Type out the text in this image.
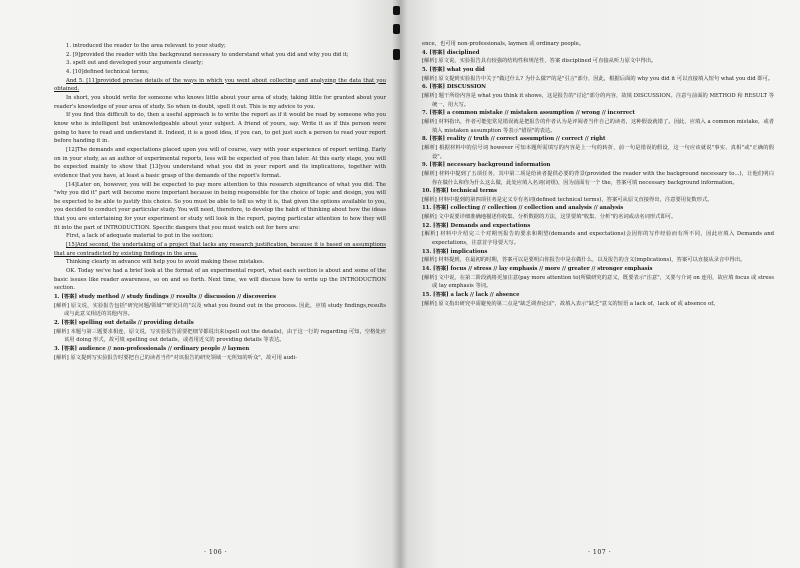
1. introduced the reader to the area relevant to your study;

2. [9]provided the reader with the background necessary to understand what you did and why you did it;

3. spelt out and developed your arguments clearly;

4. [10]defined technical terms;

And 5. [11]provided precise details of the ways in which you went about collecting and analyzing the data that you obtained.

In short, you should write for someone who knows little about your area of study, taking little for granted about your reader's knowledge of your area of study. So when in doubt, spell it out. This is my advice to you.

If you find this difficult to do, then a useful approach is to write the report as if it would be read by someone who you know who is intelligent but unknowledgeable about your subject. A friend of yours, say. Write it as if this person were going to have to read and understand it. Indeed, it is a good idea, if you can, to get just such a person to read your report before handing it in.

[12]The demands and expectations placed upon you will of course, vary with your experience of report writing. Early on in your study, as an author of experimental reports, less will be expected of you than later. At this early stage, you will be expected mainly to show that [13]you understand what you did in your report and its implications, together with evidence that you have, at least a basic grasp of the demands of the report's format.

[14]Later on, however, you will be expected to pay more attention to this research significance of what you did. The "why you did it" part will become more important because in being responsible for the choice of topic and design, you will be expected to be able to justify this choice. So you must be able to tell us why it is, that given the options available to you, you decided to conduct your particular study. You will need, therefore, to develop the habit of thinking about how the ideas that you are entertaining for your experiment or study will look in the report, paying particular attention to how they will fit into the part of INTRODUCTION. Specific dangers that you must watch out for here are:

First, a lack of adequate material to put in the section;

[15]And second, the undertaking of a project that lacks any research justification, because it is based on assumptions that are contradicted by existing findings in the area.

Thinking clearly in advance will help you to avoid making these mistakes.

OK. Today we've had a brief look at the format of an experimental report, what each section is about and some of the basic issues like reader awareness, so on and so forth. Next time, we will discuss how to write up the INTRODUCTION section.

1. [答案] study method // study findings // results // discussion // discoveries

[解析] 原文说，实验报告包括"研究问题/领域""研究目的"以及 what you found out in the process. 因此，应填 study findings,results 或与此意义相近的其他内容。

2. [答案] spelling out details // providing details

[解析] 本题与第三题要求相连，原文说，写实验报告需要把细节都说出来(spell out the details)，由于这一行的 regarding 可知，空格处应该用 doing 形式，故可填 spelling out details，或者用近义的 providing details 等表达。

3. [答案] audience // non-professionals // ordinary people // laymen

[解析] 原文提到写实验报告时要把自己的读者当作"对该报告的研究领域一无所知的听众"，故可用 audi-

· 106 ·

ence，也可用 non-professionals, laymen 或 ordinary people。

4. [答案] disciplined

[解析] 原文说，实验报告具有较强的结构性和规范性，答案 disciplined 可直接从听力原文中得出。

5. [答案] what you did

[解析] 原文提到实验报告中关于"做过什么? 为什么做?"的是"引言"部分，因此，根据后面的 why you did it 可以直接填入短句 what you did 即可。

6. [答案] DISCUSSION

[解析] 题干所给内容是 what you think it shows，这是报告的"讨论"部分的内容，故填 DISCUSSION。注意与前面的 METHOD 和 RESULT 等统一，用大写。

7. [答案] a common mistake // mistaken assumption // wrong // incorrect

[解析] 材料指出，作者可能犯常见错误就是把报告的作者认为是评阅者当作自己的读者，这种假设就错了。因此，应填入 a common mistake，或者填入 mistaken assumption 等表示"错误"的表达。

8. [答案] reality // truth // correct assumption // correct // right

[解析] 根据材料中的信号词 however 可知本题所需填写的内容是上一句的转折，前一句是错误的假设，这一句应该就说"事实、真相"或"正确的假设"。

9. [答案] necessary background information

[解析] 材料中提到了五项任务，其中第二项是给读者提供必要的背景(provided the reader with the background necessary to...)，让他们明白你在做什么和你为什么这么做，此处应填入名词(词组)，因为前面有一个 the，答案可填 necessary background information。

10. [答案] technical terms

[解析] 材料中提到的第四项任务是定义专有名词(defined technical terms)，答案可从原文直接得出，注意要用复数形式。

11. [答案] collecting // collection // collection and analysis // analysis

[解析] 文中说要详细准确地描述你收集、分析数据的方法，这里要填"收集、分析"的名词或动名词形式即可。

12. [答案] Demands and expectations

[解析] 材料中介绍完三个对期刊报告的要求和期望(demands and expectations)会因你的写作经验而有所不同，因此应填入 Demands and expectations，注意首字母要大写。

13. [答案] implications

[解析] 材料提到，在最初的时期，答案可以是要明白你报告中是在做什么，以及报告的含义(implications)，答案可以直接从录音中得出。

14. [答案] focus // stress // lay emphasis // more // greater // stronger emphasis

[解析] 文中说，在第二阶段就将更加注意(pay more attention to)所做研究的意义，既要表示"注意"，又要与介词 on 连用，故应填 focus 或 stress 或 lay emphasis 等词。

15. [答案] a lack // lack // absence

[解析] 原文指出研究中需避免的第二点是"缺乏调查论证"，故填入表示"缺乏"意义的短语 a lack of，lack of 或 absence of。

· 107 ·
